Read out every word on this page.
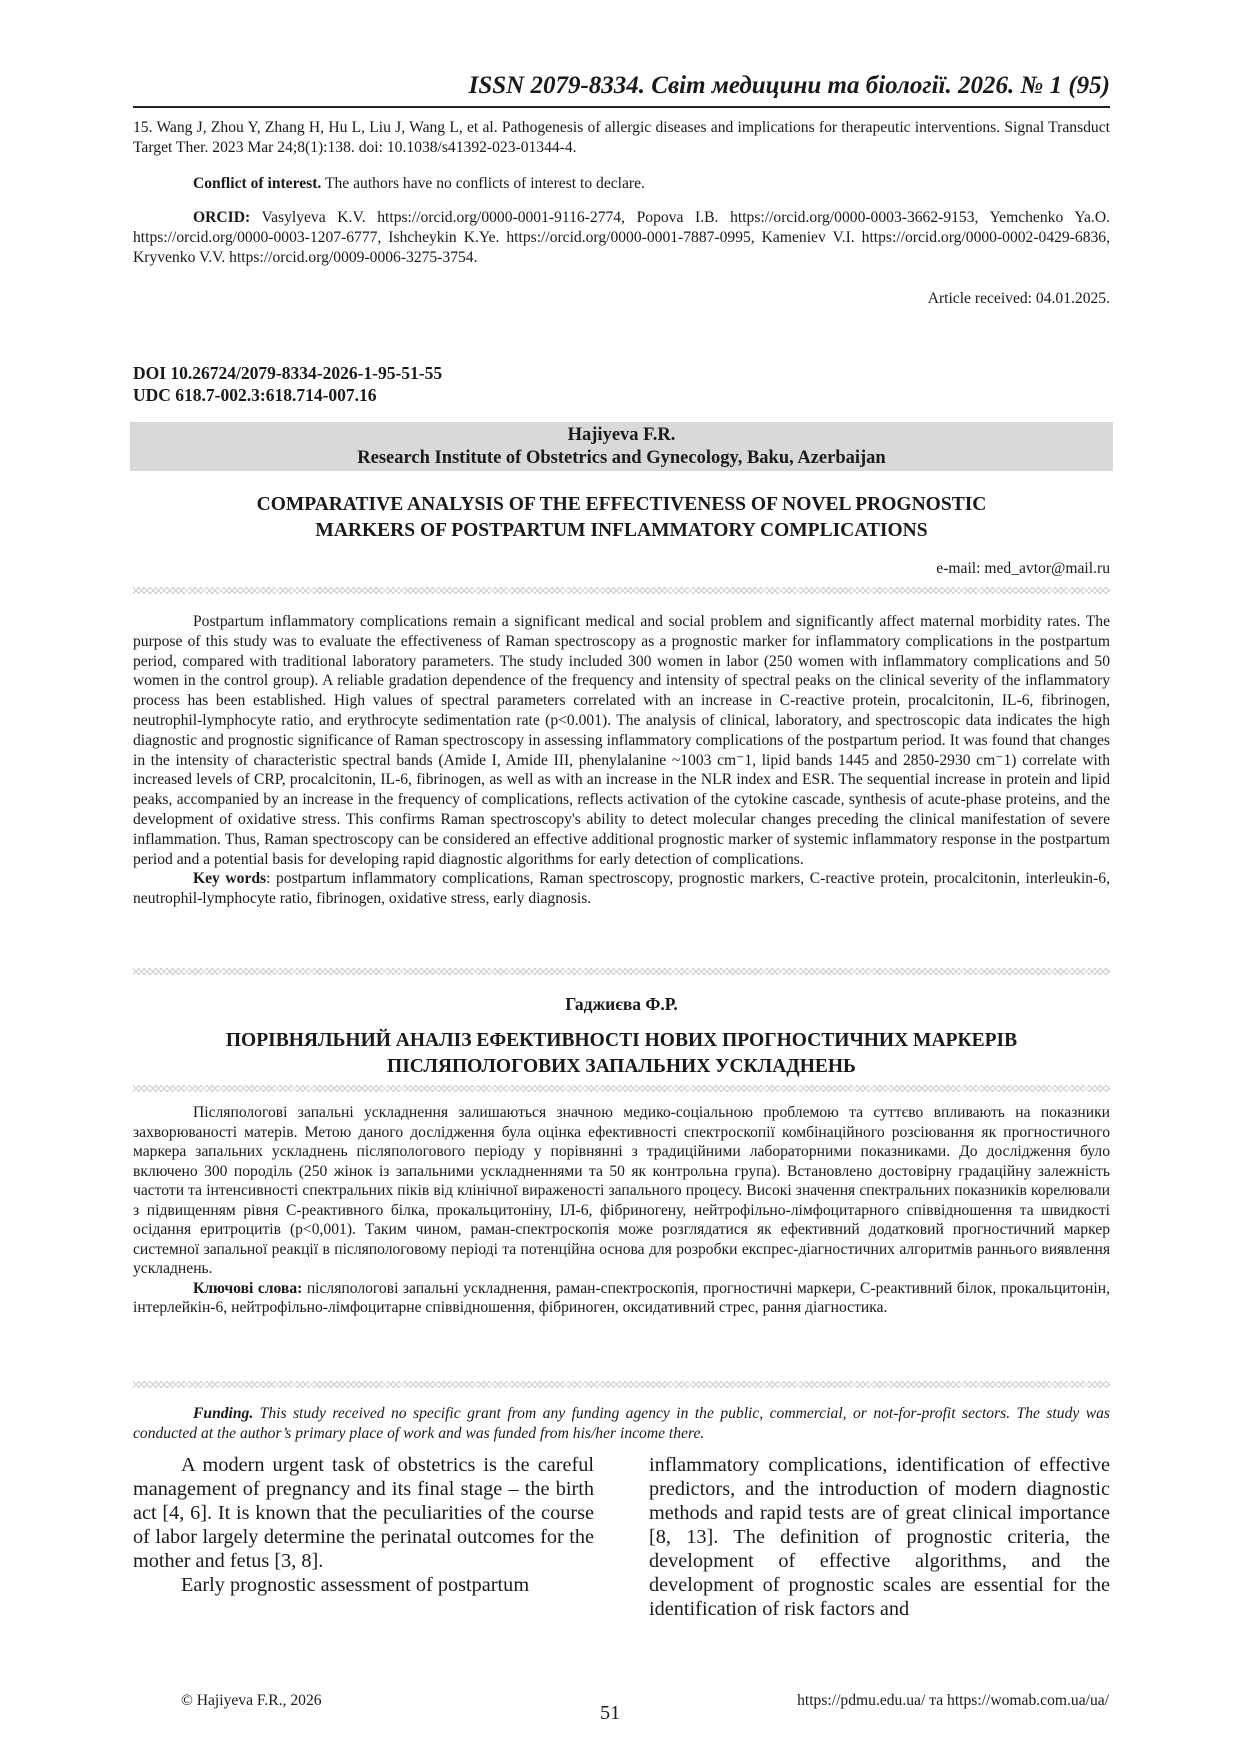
ISSN 2079-8334. Світ медицини та біології. 2026. № 1 (95)
15. Wang J, Zhou Y, Zhang H, Hu L, Liu J, Wang L, et al. Pathogenesis of allergic diseases and implications for therapeutic interventions. Signal Transduct Target Ther. 2023 Mar 24;8(1):138. doi: 10.1038/s41392-023-01344-4.
Conflict of interest. The authors have no conflicts of interest to declare.
ORCID: Vasylyeva K.V. https://orcid.org/0000-0001-9116-2774, Popova I.B. https://orcid.org/0000-0003-3662-9153, Yemchenko Ya.O. https://orcid.org/0000-0003-1207-6777, Ishcheykin K.Ye. https://orcid.org/0000-0001-7887-0995, Kameniev V.I. https://orcid.org/0000-0002-0429-6836, Kryvenko V.V. https://orcid.org/0009-0006-3275-3754.
Article received: 04.01.2025.
DOI 10.26724/2079-8334-2026-1-95-51-55
UDC 618.7-002.3:618.714-007.16
Hajiyeva F.R.
Research Institute of Obstetrics and Gynecology, Baku, Azerbaijan
COMPARATIVE ANALYSIS OF THE EFFECTIVENESS OF NOVEL PROGNOSTIC
MARKERS OF POSTPARTUM INFLAMMATORY COMPLICATIONS
e-mail: med_avtor@mail.ru

Postpartum inflammatory complications remain a significant medical and social problem and significantly affect maternal morbidity rates. The purpose of this study was to evaluate the effectiveness of Raman spectroscopy as a prognostic marker for inflammatory complications in the postpartum period, compared with traditional laboratory parameters. The study included 300 women in labor (250 women with inflammatory complications and 50 women in the control group). A reliable gradation dependence of the frequency and intensity of spectral peaks on the clinical severity of the inflammatory process has been established. High values of spectral parameters correlated with an increase in C-reactive protein, procalcitonin, IL-6, fibrinogen, neutrophil-lymphocyte ratio, and erythrocyte sedimentation rate (p<0.001). The analysis of clinical, laboratory, and spectroscopic data indicates the high diagnostic and prognostic significance of Raman spectroscopy in assessing inflammatory complications of the postpartum period. It was found that changes in the intensity of characteristic spectral bands (Amide I, Amide III, phenylalanine ~1003 cm⁻1, lipid bands 1445 and 2850-2930 cm⁻1) correlate with increased levels of CRP, procalcitonin, IL-6, fibrinogen, as well as with an increase in the NLR index and ESR. The sequential increase in protein and lipid peaks, accompanied by an increase in the frequency of complications, reflects activation of the cytokine cascade, synthesis of acute-phase proteins, and the development of oxidative stress. This confirms Raman spectroscopy's ability to detect molecular changes preceding the clinical manifestation of severe inflammation. Thus, Raman spectroscopy can be considered an effective additional prognostic marker of systemic inflammatory response in the postpartum period and a potential basis for developing rapid diagnostic algorithms for early detection of complications.

Key words: postpartum inflammatory complications, Raman spectroscopy, prognostic markers, C-reactive protein, procalcitonin, interleukin-6, neutrophil-lymphocyte ratio, fibrinogen, oxidative stress, early diagnosis.

Гаджиєва Ф.Р.
ПОРІВНЯЛЬНИЙ АНАЛІЗ ЕФЕКТИВНОСТІ НОВИХ ПРОГНОСТИЧНИХ МАРКЕРІВ
ПІСЛЯПОЛОГОВИХ ЗАПАЛЬНИХ УСКЛАДНЕНЬ

Післяпологові запальні ускладнення залишаються значною медико-соціальною проблемою та суттєво впливають на показники захворюваності матерів. Метою даного дослідження була оцінка ефективності спектроскопії комбінаційного розсіювання як прогностичного маркера запальних ускладнень післяпологового періоду у порівнянні з традиційними лабораторними показниками. До дослідження було включено 300 породіль (250 жінок із запальними ускладненнями та 50 як контрольна група). Встановлено достовірну градаційну залежність частоти та інтенсивності спектральних піків від клінічної вираженості запального процесу. Високі значення спектральних показників корелювали з підвищенням рівня С-реактивного білка, прокальцитоніну, ІЛ-6, фібриногену, нейтрофільно-лімфоцитарного співвідношення та швидкості осідання еритроцитів (p<0,001). Таким чином, раман-спектроскопія може розглядатися як ефективний додатковий прогностичний маркер системної запальної реакції в післяпологовому періоді та потенційна основа для розробки експрес-діагностичних алгоритмів раннього виявлення ускладнень.

Ключові слова: післяпологові запальні ускладнення, раман-спектроскопія, прогностичні маркери, С-реактивний білок, прокальцитонін, інтерлейкін-6, нейтрофільно-лімфоцитарне співвідношення, фібриноген, оксидативний стрес, рання діагностика.

Funding. This study received no specific grant from any funding agency in the public, commercial, or not-for-profit sectors. The study was conducted at the author’s primary place of work and was funded from his/her income there.

A modern urgent task of obstetrics is the careful management of pregnancy and its final stage – the birth act [4, 6]. It is known that the peculiarities of the course of labor largely determine the perinatal outcomes for the mother and fetus [3, 8].

Early prognostic assessment of postpartum

inflammatory complications, identification of effective predictors, and the introduction of modern diagnostic methods and rapid tests are of great clinical importance [8, 13]. The definition of prognostic criteria, the development of effective algorithms, and the development of prognostic scales are essential for the identification of risk factors and

© Hajiyeva F.R., 2026
51
https://pdmu.edu.ua/ та https://womab.com.ua/ua/
